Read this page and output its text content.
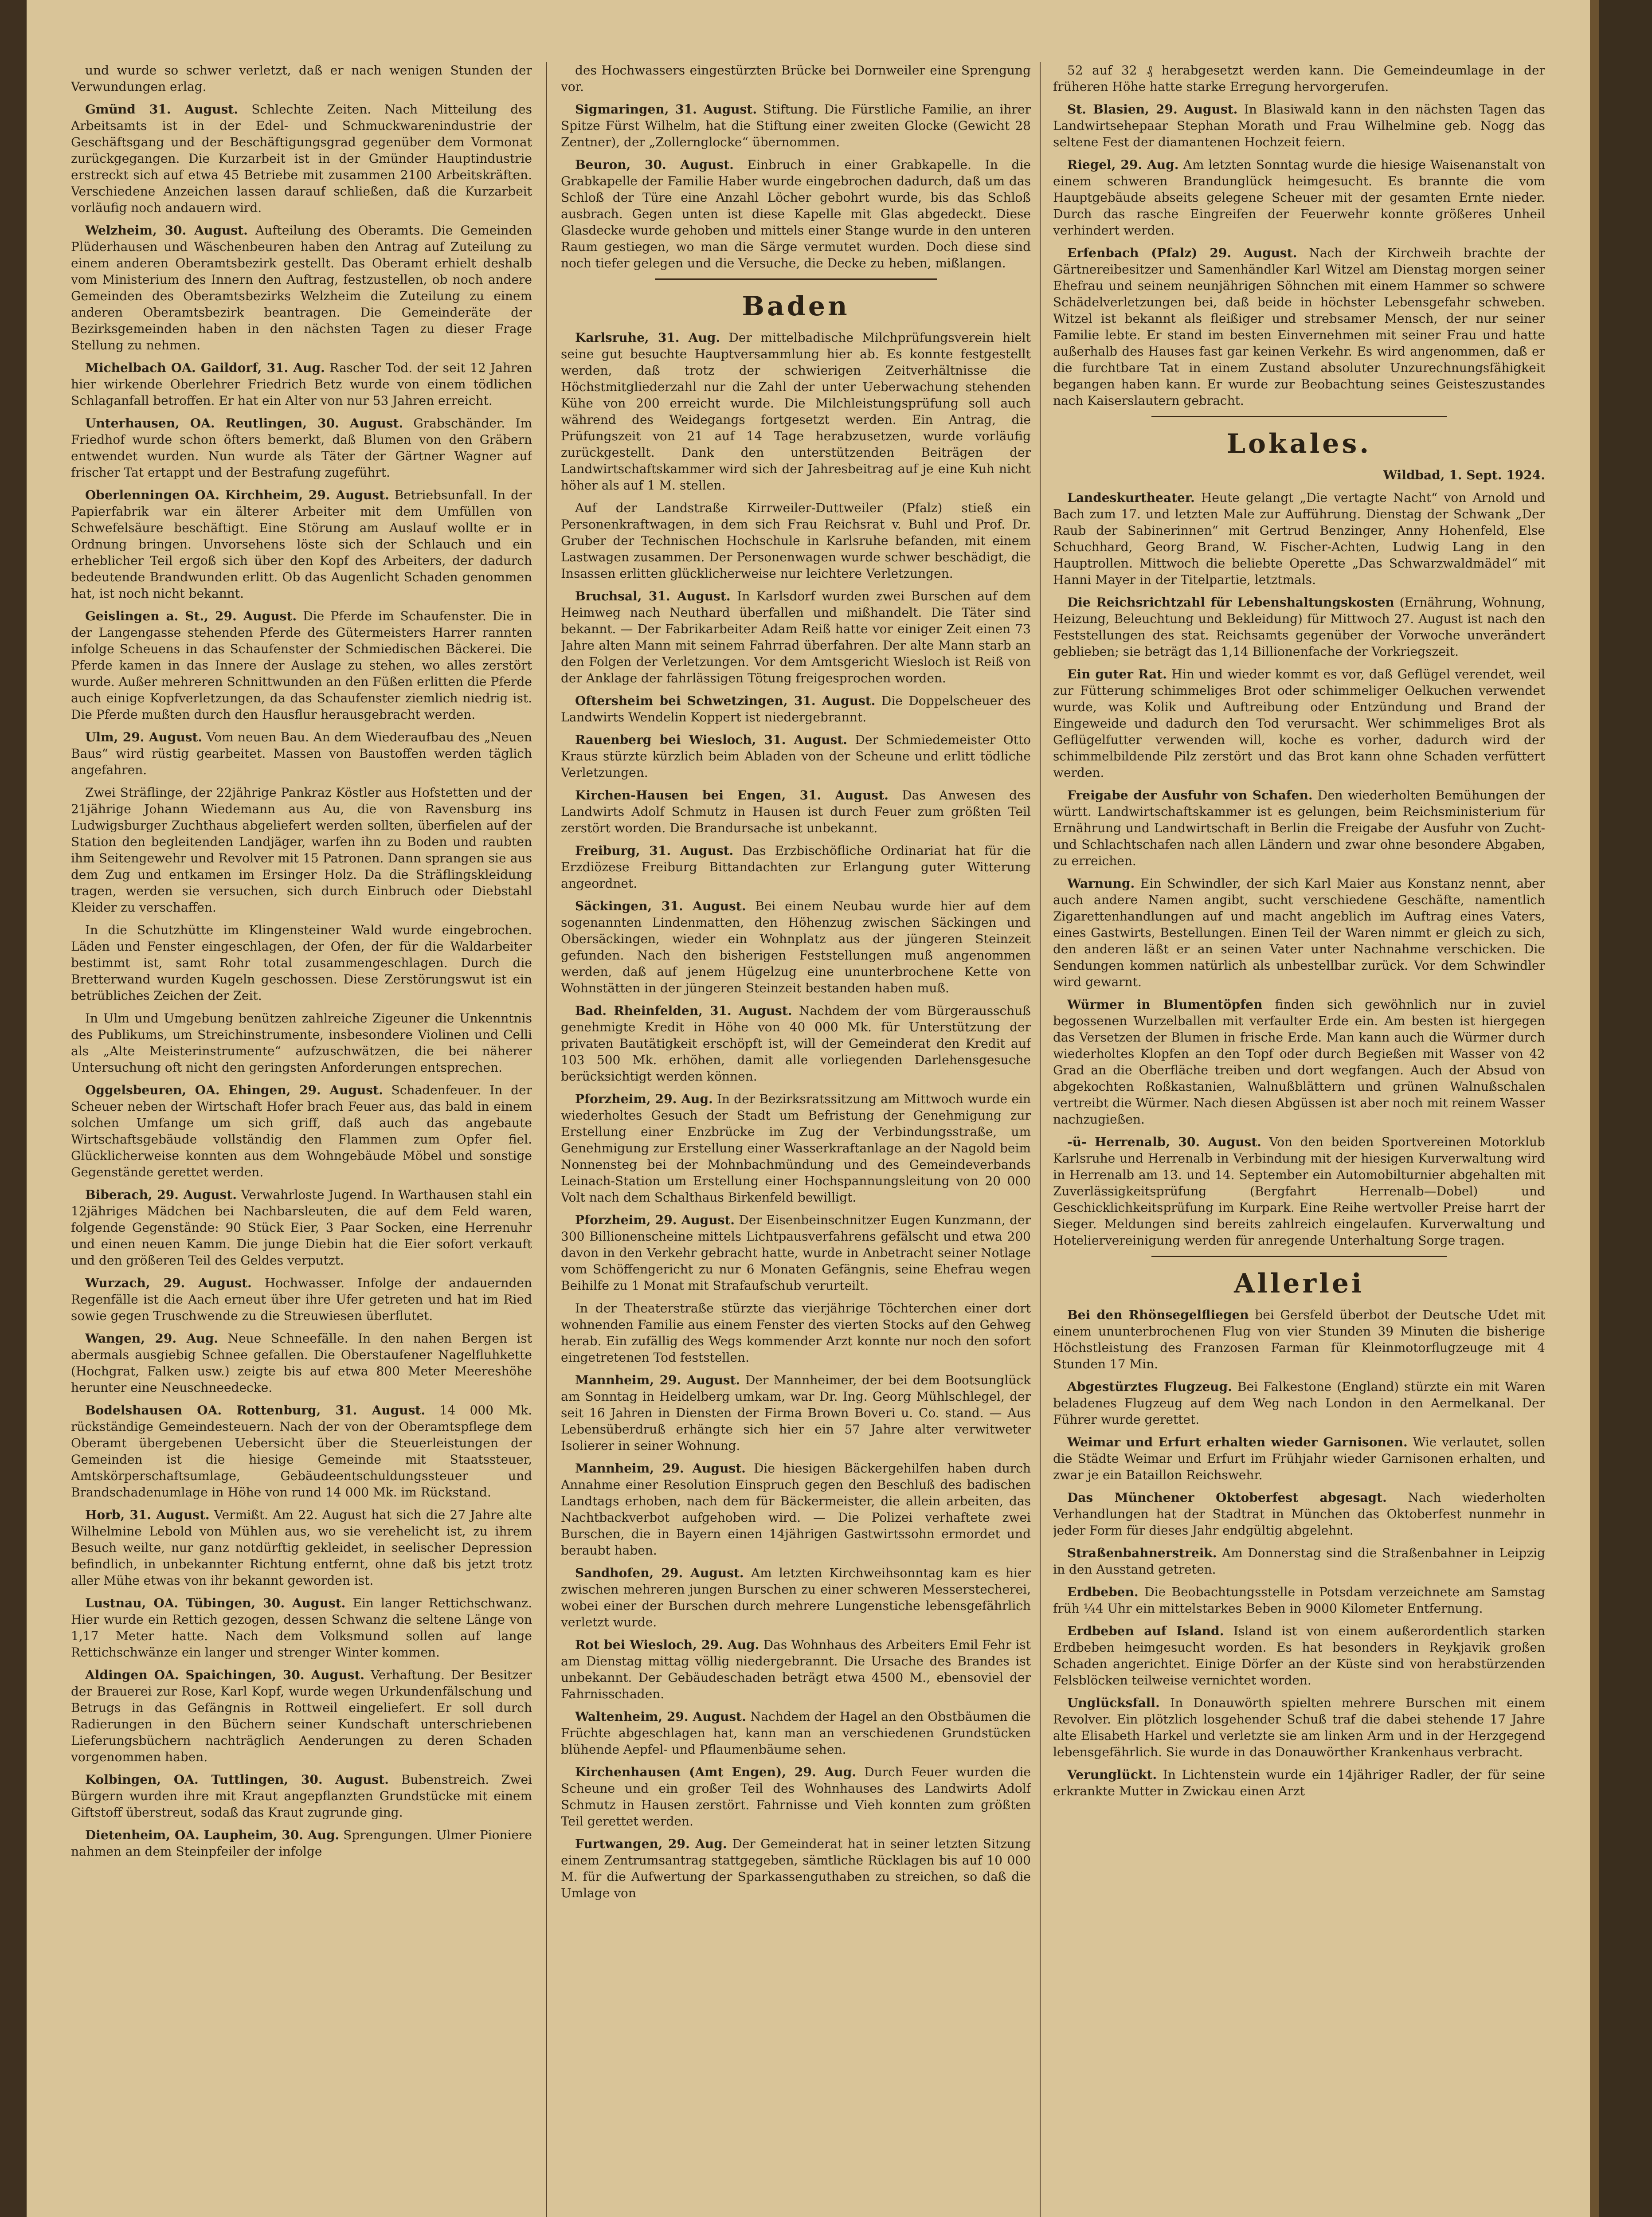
und wurde so schwer verletzt, daß er nach wenigen Stunden der Verwundungen erlag.

Gmünd 31. August. Schlechte Zeiten. Nach Mitteilung des Arbeitsamts ist in der Edel- und Schmuckwarenindustrie der Geschäftsgang und der Beschäftigungsgrad gegenüber dem Vormonat zurückgegangen. Die Kurzarbeit ist in der Gmünder Hauptindustrie erstreckt sich auf etwa 45 Betriebe mit zusammen 2100 Arbeitskräften. Verschiedene Anzeichen lassen darauf schließen, daß die Kurzarbeit vorläufig noch andauern wird.

Welzheim, 30. August. Aufteilung des Oberamts. Die Gemeinden Plüderhausen und Wäschenbeuren haben den Antrag auf Zuteilung zu einem anderen Oberamtsbezirk gestellt. Das Oberamt erhielt deshalb vom Ministerium des Innern den Auftrag, festzustellen, ob noch andere Gemeinden des Oberamtsbezirks Welzheim die Zuteilung zu einem anderen Oberamtsbezirk beantragen. Die Gemeinderäte der Bezirksgemeinden haben in den nächsten Tagen zu dieser Frage Stellung zu nehmen.

Michelbach OA. Gaildorf, 31. Aug. Rascher Tod. der seit 12 Jahren hier wirkende Oberlehrer Friedrich Betz wurde von einem tödlichen Schlaganfall betroffen. Er hat ein Alter von nur 53 Jahren erreicht.

Unterhausen, OA. Reutlingen, 30. August. Grabschänder. Im Friedhof wurde schon öfters bemerkt, daß Blumen von den Gräbern entwendet wurden. Nun wurde als Täter der Gärtner Wagner auf frischer Tat ertappt und der Bestrafung zugeführt.

Oberlenningen OA. Kirchheim, 29. August. Betriebsunfall. In der Papierfabrik war ein älterer Arbeiter mit dem Umfüllen von Schwefelsäure beschäftigt. Eine Störung am Auslauf wollte er in Ordnung bringen. Unvorsehens löste sich der Schlauch und ein erheblicher Teil ergoß sich über den Kopf des Arbeiters, der dadurch bedeutende Brandwunden erlitt. Ob das Augenlicht Schaden genommen hat, ist noch nicht bekannt.

Geislingen a. St., 29. August. Die Pferde im Schaufenster. Die in der Langengasse stehenden Pferde des Gütermeisters Harrer rannten infolge Scheuens in das Schaufenster der Schmiedischen Bäckerei. Die Pferde kamen in das Innere der Auslage zu stehen, wo alles zerstört wurde. Außer mehreren Schnittwunden an den Füßen erlitten die Pferde auch einige Kopfverletzungen, da das Schaufenster ziemlich niedrig ist. Die Pferde mußten durch den Hausflur herausgebracht werden.

Ulm, 29. August. Vom neuen Bau. An dem Wiederaufbau des „Neuen Baus“ wird rüstig gearbeitet. Massen von Baustoffen werden täglich angefahren.

Zwei Sträflinge, der 22jährige Pankraz Köstler aus Hofstetten und der 21jährige Johann Wiedemann aus Au, die von Ravensburg ins Ludwigsburger Zuchthaus abgeliefert werden sollten, überfielen auf der Station den begleitenden Landjäger, warfen ihn zu Boden und raubten ihm Seitengewehr und Revolver mit 15 Patronen. Dann sprangen sie aus dem Zug und entkamen im Ersinger Holz. Da die Sträflingskleidung tragen, werden sie versuchen, sich durch Einbruch oder Diebstahl Kleider zu verschaffen.

In die Schutzhütte im Klingensteiner Wald wurde eingebrochen. Läden und Fenster eingeschlagen, der Ofen, der für die Waldarbeiter bestimmt ist, samt Rohr total zusammengeschlagen. Durch die Bretterwand wurden Kugeln geschossen. Diese Zerstörungswut ist ein betrübliches Zeichen der Zeit.

In Ulm und Umgebung benützen zahlreiche Zigeuner die Unkenntnis des Publikums, um Streichinstrumente, insbesondere Violinen und Celli als „Alte Meisterinstrumente“ aufzuschwätzen, die bei näherer Untersuchung oft nicht den geringsten Anforderungen entsprechen.

Oggelsbeuren, OA. Ehingen, 29. August. Schadenfeuer. In der Scheuer neben der Wirtschaft Hofer brach Feuer aus, das bald in einem solchen Umfange um sich griff, daß auch das angebaute Wirtschaftsgebäude vollständig den Flammen zum Opfer fiel. Glücklicherweise konnten aus dem Wohngebäude Möbel und sonstige Gegenstände gerettet werden.

Biberach, 29. August. Verwahrloste Jugend. In Warthausen stahl ein 12jähriges Mädchen bei Nachbarsleuten, die auf dem Feld waren, folgende Gegenstände: 90 Stück Eier, 3 Paar Socken, eine Herrenuhr und einen neuen Kamm. Die junge Diebin hat die Eier sofort verkauft und den größeren Teil des Geldes verputzt.

Wurzach, 29. August. Hochwasser. Infolge der andauernden Regenfälle ist die Aach erneut über ihre Ufer getreten und hat im Ried sowie gegen Truschwende zu die Streuwiesen überflutet.

Wangen, 29. Aug. Neue Schneefälle. In den nahen Bergen ist abermals ausgiebig Schnee gefallen. Die Oberstaufener Nagelfluhkette (Hochgrat, Falken usw.) zeigte bis auf etwa 800 Meter Meereshöhe herunter eine Neuschneedecke.

Bodelshausen OA. Rottenburg, 31. August. 14 000 Mk. rückständige Gemeindesteuern. Nach der von der Oberamtspflege dem Oberamt übergebenen Uebersicht über die Steuerleistungen der Gemeinden ist die hiesige Gemeinde mit Staatssteuer, Amtskörperschaftsumlage, Gebäudeentschuldungssteuer und Brandschadenumlage in Höhe von rund 14 000 Mk. im Rückstand.

Horb, 31. August. Vermißt. Am 22. August hat sich die 27 Jahre alte Wilhelmine Lebold von Mühlen aus, wo sie verehelicht ist, zu ihrem Besuch weilte, nur ganz notdürftig gekleidet, in seelischer Depression befindlich, in unbekannter Richtung entfernt, ohne daß bis jetzt trotz aller Mühe etwas von ihr bekannt geworden ist.

Lustnau, OA. Tübingen, 30. August. Ein langer Rettichschwanz. Hier wurde ein Rettich gezogen, dessen Schwanz die seltene Länge von 1,17 Meter hatte. Nach dem Volksmund sollen auf lange Rettichschwänze ein langer und strenger Winter kommen.

Aldingen OA. Spaichingen, 30. August. Verhaftung. Der Besitzer der Brauerei zur Rose, Karl Kopf, wurde wegen Urkundenfälschung und Betrugs in das Gefängnis in Rottweil eingeliefert. Er soll durch Radierungen in den Büchern seiner Kundschaft unterschriebenen Lieferungsbüchern nachträglich Aenderungen zu deren Schaden vorgenommen haben.

Kolbingen, OA. Tuttlingen, 30. August. Bubenstreich. Zwei Bürgern wurden ihre mit Kraut angepflanzten Grundstücke mit einem Giftstoff überstreut, sodaß das Kraut zugrunde ging.

Dietenheim, OA. Laupheim, 30. Aug. Sprengungen. Ulmer Pioniere nahmen an dem Steinpfeiler der infolge

des Hochwassers eingestürzten Brücke bei Dornweiler eine Sprengung vor.

Sigmaringen, 31. August. Stiftung. Die Fürstliche Familie, an ihrer Spitze Fürst Wilhelm, hat die Stiftung einer zweiten Glocke (Gewicht 28 Zentner), der „Zollernglocke“ übernommen.

Beuron, 30. August. Einbruch in einer Grabkapelle. In die Grabkapelle der Familie Haber wurde eingebrochen dadurch, daß um das Schloß der Türe eine Anzahl Löcher gebohrt wurde, bis das Schloß ausbrach. Gegen unten ist diese Kapelle mit Glas abgedeckt. Diese Glasdecke wurde gehoben und mittels einer Stange wurde in den unteren Raum gestiegen, wo man die Särge vermutet wurden. Doch diese sind noch tiefer gelegen und die Versuche, die Decke zu heben, mißlangen.

Baden

Karlsruhe, 31. Aug. Der mittelbadische Milchprüfungsverein hielt seine gut besuchte Hauptversammlung hier ab. Es konnte festgestellt werden, daß trotz der schwierigen Zeitverhältnisse die Höchstmitgliederzahl nur die Zahl der unter Ueberwachung stehenden Kühe von 200 erreicht wurde. Die Milchleistungsprüfung soll auch während des Weidegangs fortgesetzt werden. Ein Antrag, die Prüfungszeit von 21 auf 14 Tage herabzusetzen, wurde vorläufig zurückgestellt. Dank den unterstützenden Beiträgen der Landwirtschaftskammer wird sich der Jahresbeitrag auf je eine Kuh nicht höher als auf 1 M. stellen.

Auf der Landstraße Kirrweiler-Duttweiler (Pfalz) stieß ein Personenkraftwagen, in dem sich Frau Reichsrat v. Buhl und Prof. Dr. Gruber der Technischen Hochschule in Karlsruhe befanden, mit einem Lastwagen zusammen. Der Personenwagen wurde schwer beschädigt, die Insassen erlitten glücklicherweise nur leichtere Verletzungen.

Bruchsal, 31. August. In Karlsdorf wurden zwei Burschen auf dem Heimweg nach Neuthard überfallen und mißhandelt. Die Täter sind bekannt. — Der Fabrikarbeiter Adam Reiß hatte vor einiger Zeit einen 73 Jahre alten Mann mit seinem Fahrrad überfahren. Der alte Mann starb an den Folgen der Verletzungen. Vor dem Amtsgericht Wiesloch ist Reiß von der Anklage der fahrlässigen Tötung freigesprochen worden.

Oftersheim bei Schwetzingen, 31. August. Die Doppelscheuer des Landwirts Wendelin Koppert ist niedergebrannt.

Rauenberg bei Wiesloch, 31. August. Der Schmiedemeister Otto Kraus stürzte kürzlich beim Abladen von der Scheune und erlitt tödliche Verletzungen.

Kirchen-Hausen bei Engen, 31. August. Das Anwesen des Landwirts Adolf Schmutz in Hausen ist durch Feuer zum größten Teil zerstört worden. Die Brandursache ist unbekannt.

Freiburg, 31. August. Das Erzbischöfliche Ordinariat hat für die Erzdiözese Freiburg Bittandachten zur Erlangung guter Witterung angeordnet.

Säckingen, 31. August. Bei einem Neubau wurde hier auf dem sogenannten Lindenmatten, den Höhenzug zwischen Säckingen und Obersäckingen, wieder ein Wohnplatz aus der jüngeren Steinzeit gefunden. Nach den bisherigen Feststellungen muß angenommen werden, daß auf jenem Hügelzug eine ununterbrochene Kette von Wohnstätten in der jüngeren Steinzeit bestanden haben muß.

Bad. Rheinfelden, 31. August. Nachdem der vom Bürgerausschuß genehmigte Kredit in Höhe von 40 000 Mk. für Unterstützung der privaten Bautätigkeit erschöpft ist, will der Gemeinderat den Kredit auf 103 500 Mk. erhöhen, damit alle vorliegenden Darlehensgesuche berücksichtigt werden können.

Pforzheim, 29. Aug. In der Bezirksratssitzung am Mittwoch wurde ein wiederholtes Gesuch der Stadt um Befristung der Genehmigung zur Erstellung einer Enzbrücke im Zug der Verbindungsstraße, um Genehmigung zur Erstellung einer Wasserkraftanlage an der Nagold beim Nonnensteg bei der Mohnbachmündung und des Gemeindeverbands Leinach-Station um Erstellung einer Hochspannungsleitung von 20 000 Volt nach dem Schalthaus Birkenfeld bewilligt.

Pforzheim, 29. August. Der Eisenbeinschnitzer Eugen Kunzmann, der 300 Billionenscheine mittels Lichtpausverfahrens gefälscht und etwa 200 davon in den Verkehr gebracht hatte, wurde in Anbetracht seiner Notlage vom Schöffengericht zu nur 6 Monaten Gefängnis, seine Ehefrau wegen Beihilfe zu 1 Monat mit Strafaufschub verurteilt.

In der Theaterstraße stürzte das vierjährige Töchterchen einer dort wohnenden Familie aus einem Fenster des vierten Stocks auf den Gehweg herab. Ein zufällig des Wegs kommender Arzt konnte nur noch den sofort eingetretenen Tod feststellen.

Mannheim, 29. August. Der Mannheimer, der bei dem Bootsunglück am Sonntag in Heidelberg umkam, war Dr. Ing. Georg Mühlschlegel, der seit 16 Jahren in Diensten der Firma Brown Boveri u. Co. stand. — Aus Lebensüberdruß erhängte sich hier ein 57 Jahre alter verwitweter Isolierer in seiner Wohnung.

Mannheim, 29. August. Die hiesigen Bäckergehilfen haben durch Annahme einer Resolution Einspruch gegen den Beschluß des badischen Landtags erhoben, nach dem für Bäckermeister, die allein arbeiten, das Nachtbackverbot aufgehoben wird. — Die Polizei verhaftete zwei Burschen, die in Bayern einen 14jährigen Gastwirtssohn ermordet und beraubt haben.

Sandhofen, 29. August. Am letzten Kirchweihsonntag kam es hier zwischen mehreren jungen Burschen zu einer schweren Messerstecherei, wobei einer der Burschen durch mehrere Lungenstiche lebensgefährlich verletzt wurde.

Rot bei Wiesloch, 29. Aug. Das Wohnhaus des Arbeiters Emil Fehr ist am Dienstag mittag völlig niedergebrannt. Die Ursache des Brandes ist unbekannt. Der Gebäudeschaden beträgt etwa 4500 M., ebensoviel der Fahrnisschaden.

Waltenheim, 29. August. Nachdem der Hagel an den Obstbäumen die Früchte abgeschlagen hat, kann man an verschiedenen Grundstücken blühende Aepfel- und Pflaumenbäume sehen.

Kirchenhausen (Amt Engen), 29. Aug. Durch Feuer wurden die Scheune und ein großer Teil des Wohnhauses des Landwirts Adolf Schmutz in Hausen zerstört. Fahrnisse und Vieh konnten zum größten Teil gerettet werden.

Furtwangen, 29. Aug. Der Gemeinderat hat in seiner letzten Sitzung einem Zentrumsantrag stattgegeben, sämtliche Rücklagen bis auf 10 000 M. für die Aufwertung der Sparkassenguthaben zu streichen, so daß die Umlage von

52 auf 32 ₰ herabgesetzt werden kann. Die Gemeindeumlage in der früheren Höhe hatte starke Erregung hervorgerufen.

St. Blasien, 29. August. In Blasiwald kann in den nächsten Tagen das Landwirtsehepaar Stephan Morath und Frau Wilhelmine geb. Nogg das seltene Fest der diamantenen Hochzeit feiern.

Riegel, 29. Aug. Am letzten Sonntag wurde die hiesige Waisenanstalt von einem schweren Brandunglück heimgesucht. Es brannte die vom Hauptgebäude abseits gelegene Scheuer mit der gesamten Ernte nieder. Durch das rasche Eingreifen der Feuerwehr konnte größeres Unheil verhindert werden.

Erfenbach (Pfalz) 29. August. Nach der Kirchweih brachte der Gärtnereibesitzer und Samenhändler Karl Witzel am Dienstag morgen seiner Ehefrau und seinem neunjährigen Söhnchen mit einem Hammer so schwere Schädelverletzungen bei, daß beide in höchster Lebensgefahr schweben. Witzel ist bekannt als fleißiger und strebsamer Mensch, der nur seiner Familie lebte. Er stand im besten Einvernehmen mit seiner Frau und hatte außerhalb des Hauses fast gar keinen Verkehr. Es wird angenommen, daß er die furchtbare Tat in einem Zustand absoluter Unzurechnungsfähigkeit begangen haben kann. Er wurde zur Beobachtung seines Geisteszustandes nach Kaiserslautern gebracht.

Lokales.

Wildbad, 1. Sept. 1924.

Landeskurtheater. Heute gelangt „Die vertagte Nacht“ von Arnold und Bach zum 17. und letzten Male zur Aufführung. Dienstag der Schwank „Der Raub der Sabinerinnen“ mit Gertrud Benzinger, Anny Hohenfeld, Else Schuchhard, Georg Brand, W. Fischer-Achten, Ludwig Lang in den Hauptrollen. Mittwoch die beliebte Operette „Das Schwarzwaldmädel“ mit Hanni Mayer in der Titelpartie, letztmals.

Die Reichsrichtzahl für Lebenshaltungskosten (Ernährung, Wohnung, Heizung, Beleuchtung und Bekleidung) für Mittwoch 27. August ist nach den Feststellungen des stat. Reichsamts gegenüber der Vorwoche unverändert geblieben; sie beträgt das 1,14 Billionenfache der Vorkriegszeit.

Ein guter Rat. Hin und wieder kommt es vor, daß Geflügel verendet, weil zur Fütterung schimmeliges Brot oder schimmeliger Oelkuchen verwendet wurde, was Kolik und Auftreibung oder Entzündung und Brand der Eingeweide und dadurch den Tod verursacht. Wer schimmeliges Brot als Geflügelfutter verwenden will, koche es vorher, dadurch wird der schimmelbildende Pilz zerstört und das Brot kann ohne Schaden verfüttert werden.

Freigabe der Ausfuhr von Schafen. Den wiederholten Bemühungen der württ. Landwirtschaftskammer ist es gelungen, beim Reichsministerium für Ernährung und Landwirtschaft in Berlin die Freigabe der Ausfuhr von Zucht- und Schlachtschafen nach allen Ländern und zwar ohne besondere Abgaben, zu erreichen.

Warnung. Ein Schwindler, der sich Karl Maier aus Konstanz nennt, aber auch andere Namen angibt, sucht verschiedene Geschäfte, namentlich Zigarettenhandlungen auf und macht angeblich im Auftrag eines Vaters, eines Gastwirts, Bestellungen. Einen Teil der Waren nimmt er gleich zu sich, den anderen läßt er an seinen Vater unter Nachnahme verschicken. Die Sendungen kommen natürlich als unbestellbar zurück. Vor dem Schwindler wird gewarnt.

Würmer in Blumentöpfen finden sich gewöhnlich nur in zuviel begossenen Wurzelballen mit verfaulter Erde ein. Am besten ist hiergegen das Versetzen der Blumen in frische Erde. Man kann auch die Würmer durch wiederholtes Klopfen an den Topf oder durch Begießen mit Wasser von 42 Grad an die Oberfläche treiben und dort wegfangen. Auch der Absud von abgekochten Roßkastanien, Walnußblättern und grünen Walnußschalen vertreibt die Würmer. Nach diesen Abgüssen ist aber noch mit reinem Wasser nachzugießen.

-ü- Herrenalb, 30. August. Von den beiden Sportvereinen Motorklub Karlsruhe und Herrenalb in Verbindung mit der hiesigen Kurverwaltung wird in Herrenalb am 13. und 14. September ein Automobilturnier abgehalten mit Zuverlässigkeitsprüfung (Bergfahrt Herrenalb—Dobel) und Geschicklichkeitsprüfung im Kurpark. Eine Reihe wertvoller Preise harrt der Sieger. Meldungen sind bereits zahlreich eingelaufen. Kurverwaltung und Hoteliervereinigung werden für anregende Unterhaltung Sorge tragen.

Allerlei

Bei den Rhönsegelfliegen bei Gersfeld überbot der Deutsche Udet mit einem ununterbrochenen Flug von vier Stunden 39 Minuten die bisherige Höchstleistung des Franzosen Farman für Kleinmotorflugzeuge mit 4 Stunden 17 Min.

Abgestürztes Flugzeug. Bei Falkestone (England) stürzte ein mit Waren beladenes Flugzeug auf dem Weg nach London in den Aermelkanal. Der Führer wurde gerettet.

Weimar und Erfurt erhalten wieder Garnisonen. Wie verlautet, sollen die Städte Weimar und Erfurt im Frühjahr wieder Garnisonen erhalten, und zwar je ein Bataillon Reichswehr.

Das Münchener Oktoberfest abgesagt. Nach wiederholten Verhandlungen hat der Stadtrat in München das Oktoberfest nunmehr in jeder Form für dieses Jahr endgültig abgelehnt.

Straßenbahnerstreik. Am Donnerstag sind die Straßenbahner in Leipzig in den Ausstand getreten.

Erdbeben. Die Beobachtungsstelle in Potsdam verzeichnete am Samstag früh ¼4 Uhr ein mittelstarkes Beben in 9000 Kilometer Entfernung.

Erdbeben auf Island. Island ist von einem außerordentlich starken Erdbeben heimgesucht worden. Es hat besonders in Reykjavik großen Schaden angerichtet. Einige Dörfer an der Küste sind von herabstürzenden Felsblöcken teilweise vernichtet worden.

Unglücksfall. In Donauwörth spielten mehrere Burschen mit einem Revolver. Ein plötzlich losgehender Schuß traf die dabei stehende 17 Jahre alte Elisabeth Harkel und verletzte sie am linken Arm und in der Herzgegend lebensgefährlich. Sie wurde in das Donauwörther Krankenhaus verbracht.

Verunglückt. In Lichtenstein wurde ein 14jähriger Radler, der für seine erkrankte Mutter in Zwickau einen Arzt
